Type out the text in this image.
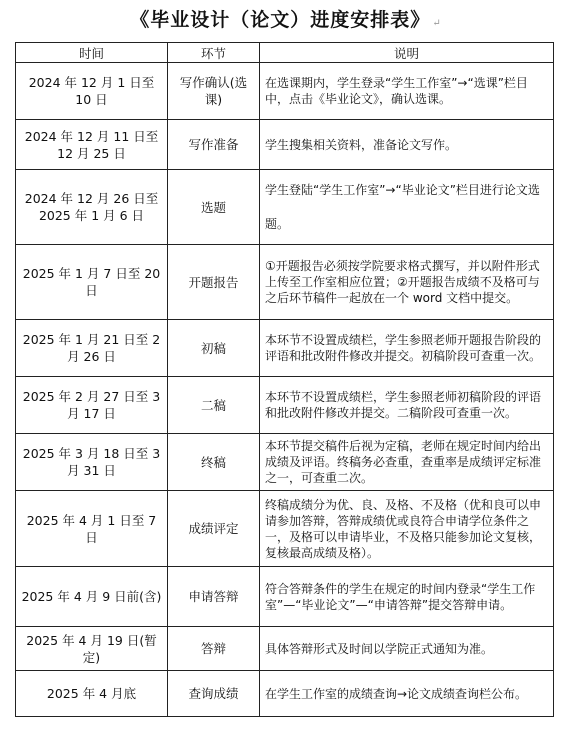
《毕业设计（论文）进度安排表》 ↵
时间	环节	说明
2024 年 12 月 1 日至 10 日	写作确认(选课)	在选课期内，学生登录“学生工作室”→“选课”栏目中，点击《毕业论文》，确认选课。
2024 年 12 月 11 日至 12 月 25 日	写作准备	学生搜集相关资料，准备论文写作。
2024 年 12 月 26 日至 2025 年 1 月 6 日	选题	学生登陆“学生工作室”→“毕业论文”栏目进行论文选题。
2025 年 1 月 7 日至 20 日	开题报告	①开题报告必须按学院要求格式撰写，并以附件形式上传至工作室相应位置；②开题报告成绩不及格可与之后环节稿件一起放在一个 word 文档中提交。
2025 年 1 月 21 日至 2 月 26 日	初稿	本环节不设置成绩栏，学生参照老师开题报告阶段的评语和批改附件修改并提交。初稿阶段可查重一次。
2025 年 2 月 27 日至 3 月 17 日	二稿	本环节不设置成绩栏，学生参照老师初稿阶段的评语和批改附件修改并提交。二稿阶段可查重一次。
2025 年 3 月 18 日至 3 月 31 日	终稿	本环节提交稿件后视为定稿，老师在规定时间内给出成绩及评语。终稿务必查重，查重率是成绩评定标准之一，可查重二次。
2025 年 4 月 1 日至 7 日	成绩评定	终稿成绩分为优、良、及格、不及格（优和良可以申请参加答辩，答辩成绩优或良符合申请学位条件之一，及格可以申请毕业，不及格只能参加论文复核，复核最高成绩及格）。
2025 年 4 月 9 日前(含)	申请答辩	符合答辩条件的学生在规定的时间内登录“学生工作室”—“毕业论文”—“申请答辩”提交答辩申请。
2025 年 4 月 19 日(暂定)	答辩	具体答辩形式及时间以学院正式通知为准。
2025 年 4 月底	查询成绩	在学生工作室的成绩查询→论文成绩查询栏公布。
